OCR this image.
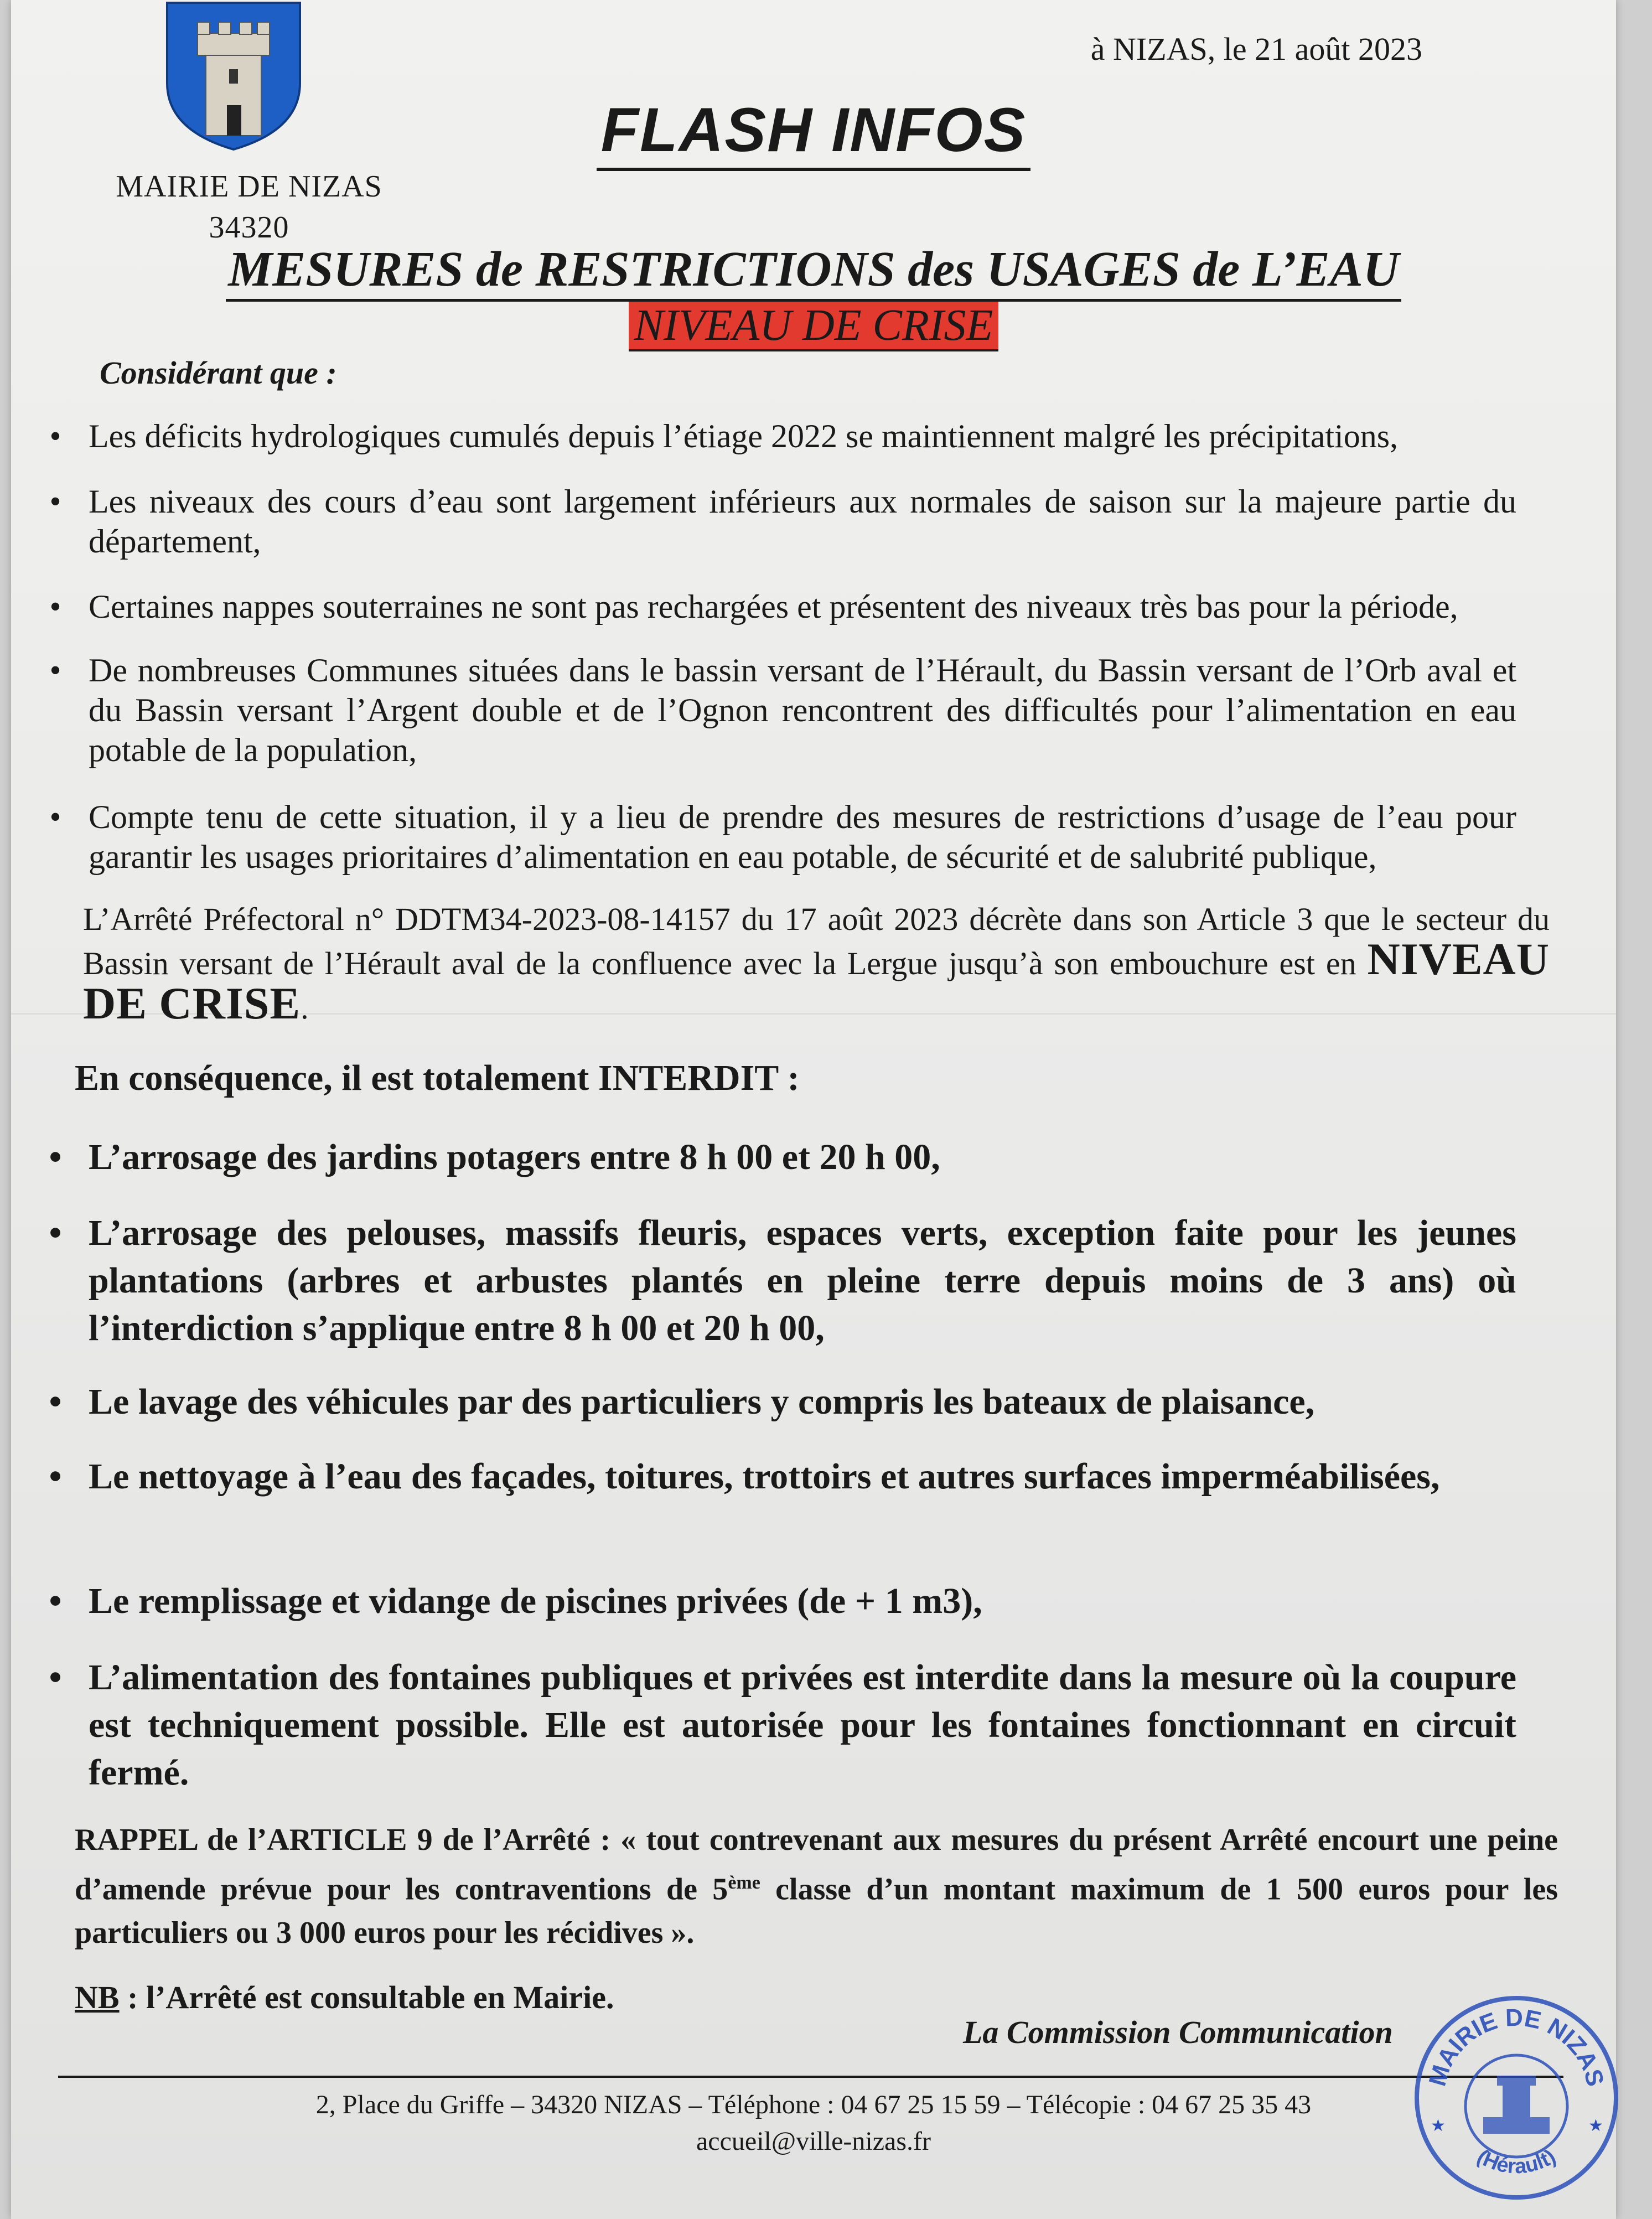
MAIRIE DE NIZAS
34320
à NIZAS, le 21 août 2023
FLASH INFOS
MESURES de RESTRICTIONS des USAGES de L’EAU
NIVEAU DE CRISE
Considérant que :
• Les déficits hydrologiques cumulés depuis l’étiage 2022 se maintiennent malgré les précipitations,
• Les niveaux des cours d’eau sont largement inférieurs aux normales de saison sur la majeure partie du département,
• Certaines nappes souterraines ne sont pas rechargées et présentent des niveaux très bas pour la période,
• De nombreuses Communes situées dans le bassin versant de l’Hérault, du Bassin versant de l’Orb aval et du Bassin versant l’Argent double et de l’Ognon rencontrent des difficultés pour l’alimentation en eau potable de la population,
• Compte tenu de cette situation, il y a lieu de prendre des mesures de restrictions d’usage de l’eau pour garantir les usages prioritaires d’alimentation en eau potable, de sécurité et de salubrité publique,
L’Arrêté Préfectoral n° DDTM34-2023-08-14157 du 17 août 2023 décrète dans son Article 3 que le secteur du Bassin versant de l’Hérault aval de la confluence avec la Lergue jusqu’à son embouchure est en NIVEAU DE CRISE.
En conséquence, il est totalement INTERDIT :
• L’arrosage des jardins potagers entre 8 h 00 et 20 h 00,
• L’arrosage des pelouses, massifs fleuris, espaces verts, exception faite pour les jeunes plantations (arbres et arbustes plantés en pleine terre depuis moins de 3 ans) où l’interdiction s’applique entre 8 h 00 et 20 h 00,
• Le lavage des véhicules par des particuliers y compris les bateaux de plaisance,
• Le nettoyage à l’eau des façades, toitures, trottoirs et autres surfaces imperméabilisées,
• Le remplissage et vidange de piscines privées (de + 1 m3),
• L’alimentation des fontaines publiques et privées est interdite dans la mesure où la coupure est techniquement possible. Elle est autorisée pour les fontaines fonctionnant en circuit fermé.
RAPPEL de l’ARTICLE 9 de l’Arrêté : « tout contrevenant aux mesures du présent Arrêté encourt une peine d’amende prévue pour les contraventions de 5ème classe d’un montant maximum de 1 500 euros pour les particuliers ou 3 000 euros pour les récidives ».
NB : l’Arrêté est consultable en Mairie.
La Commission Communication
2, Place du Griffe – 34320 NIZAS – Téléphone : 04 67 25 15 59 – Télécopie : 04 67 25 35 43
accueil@ville-nizas.fr
MAIRIE DE NIZAS
(Hérault)
★	★
